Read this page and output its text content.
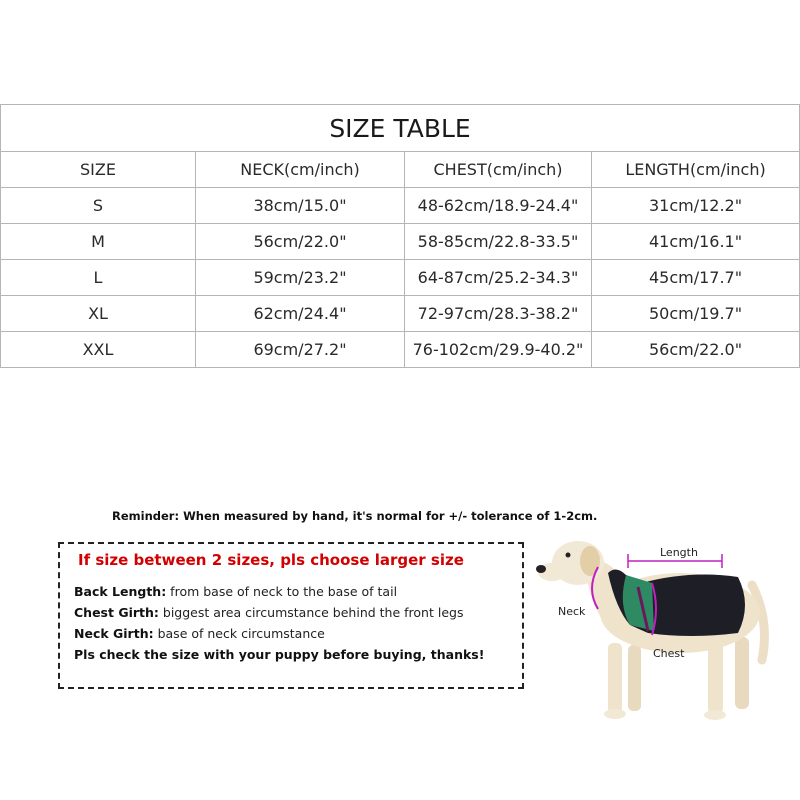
SIZE TABLE			
SIZE	NECK(cm/inch)	CHEST(cm/inch)	LENGTH(cm/inch)
S	38cm/15.0"	48-62cm/18.9-24.4"	31cm/12.2"
M	56cm/22.0"	58-85cm/22.8-33.5"	41cm/16.1"
L	59cm/23.2"	64-87cm/25.2-34.3"	45cm/17.7"
XL	62cm/24.4"	72-97cm/28.3-38.2"	50cm/19.7"
XXL	69cm/27.2"	76-102cm/29.9-40.2"	56cm/22.0"
Reminder: When measured by hand, it's normal for +/- tolerance of 1-2cm.
If size between 2 sizes, pls choose larger size
Back Length: from base of neck to the base of tail
Chest Girth: biggest area circumstance behind the front legs
Neck Girth: base of neck circumstance
Pls check the size with your puppy before buying, thanks!
Length
Neck
Chest
